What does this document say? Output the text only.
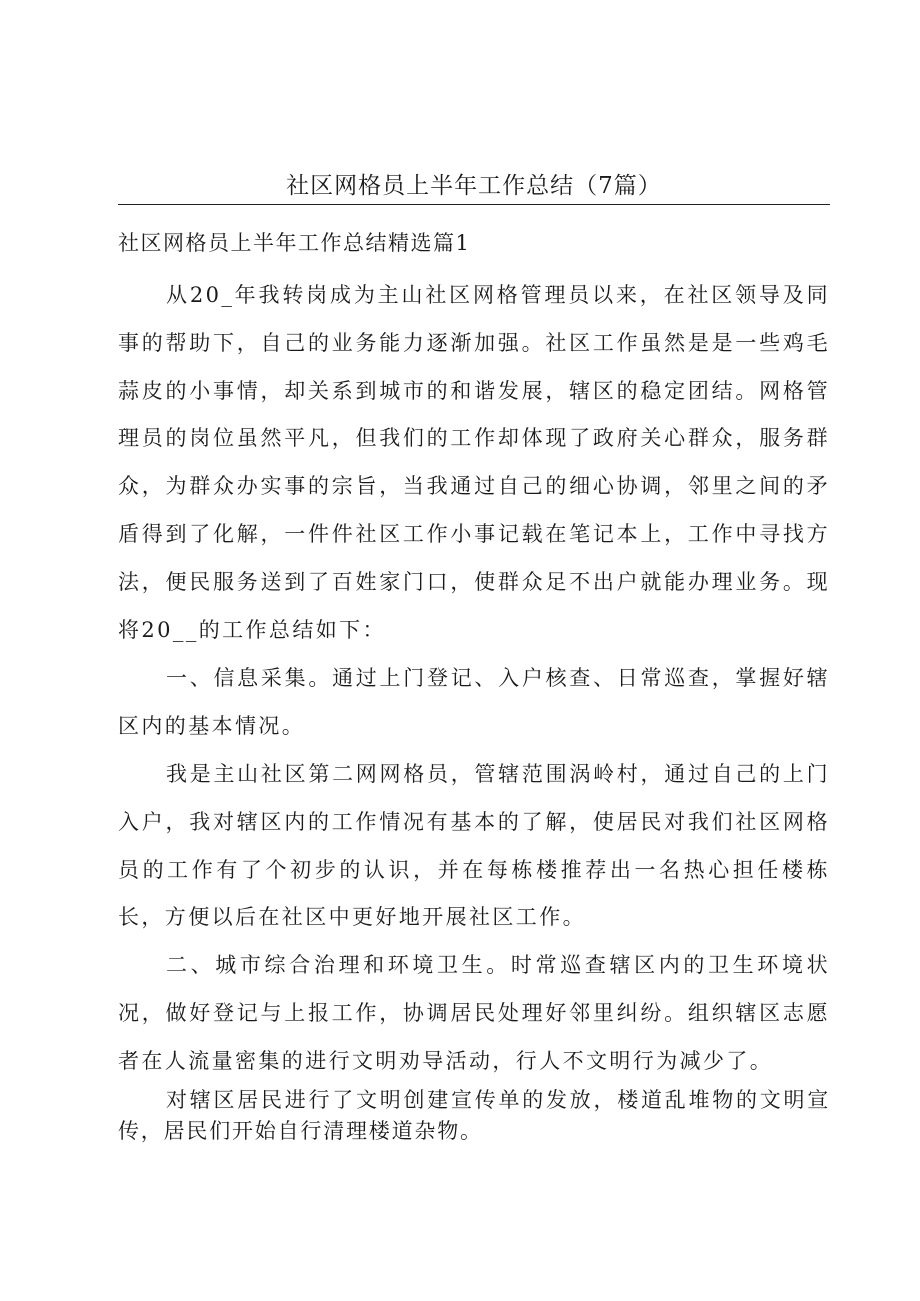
社区网格员上半年工作总结（7篇）

社区网格员上半年工作总结精选篇1

从20_年我转岗成为主山社区网格管理员以来，在社区领导及同事的帮助下，自己的业务能力逐渐加强。社区工作虽然是是一些鸡毛蒜皮的小事情，却关系到城市的和谐发展，辖区的稳定团结。网格管理员的岗位虽然平凡，但我们的工作却体现了政府关心群众，服务群众，为群众办实事的宗旨，当我通过自己的细心协调，邻里之间的矛盾得到了化解，一件件社区工作小事记载在笔记本上，工作中寻找方法，便民服务送到了百姓家门口，使群众足不出户就能办理业务。现将20__的工作总结如下：

一、信息采集。通过上门登记、入户核查、日常巡查，掌握好辖区内的基本情况。

我是主山社区第二网网格员，管辖范围涡岭村，通过自己的上门入户，我对辖区内的工作情况有基本的了解，使居民对我们社区网格员的工作有了个初步的认识，并在每栋楼推荐出一名热心担任楼栋长，方便以后在社区中更好地开展社区工作。

二、城市综合治理和环境卫生。时常巡查辖区内的卫生环境状况，做好登记与上报工作，协调居民处理好邻里纠纷。组织辖区志愿者在人流量密集的进行文明劝导活动，行人不文明行为减少了。

对辖区居民进行了文明创建宣传单的发放，楼道乱堆物的文明宣传，居民们开始自行清理楼道杂物。
